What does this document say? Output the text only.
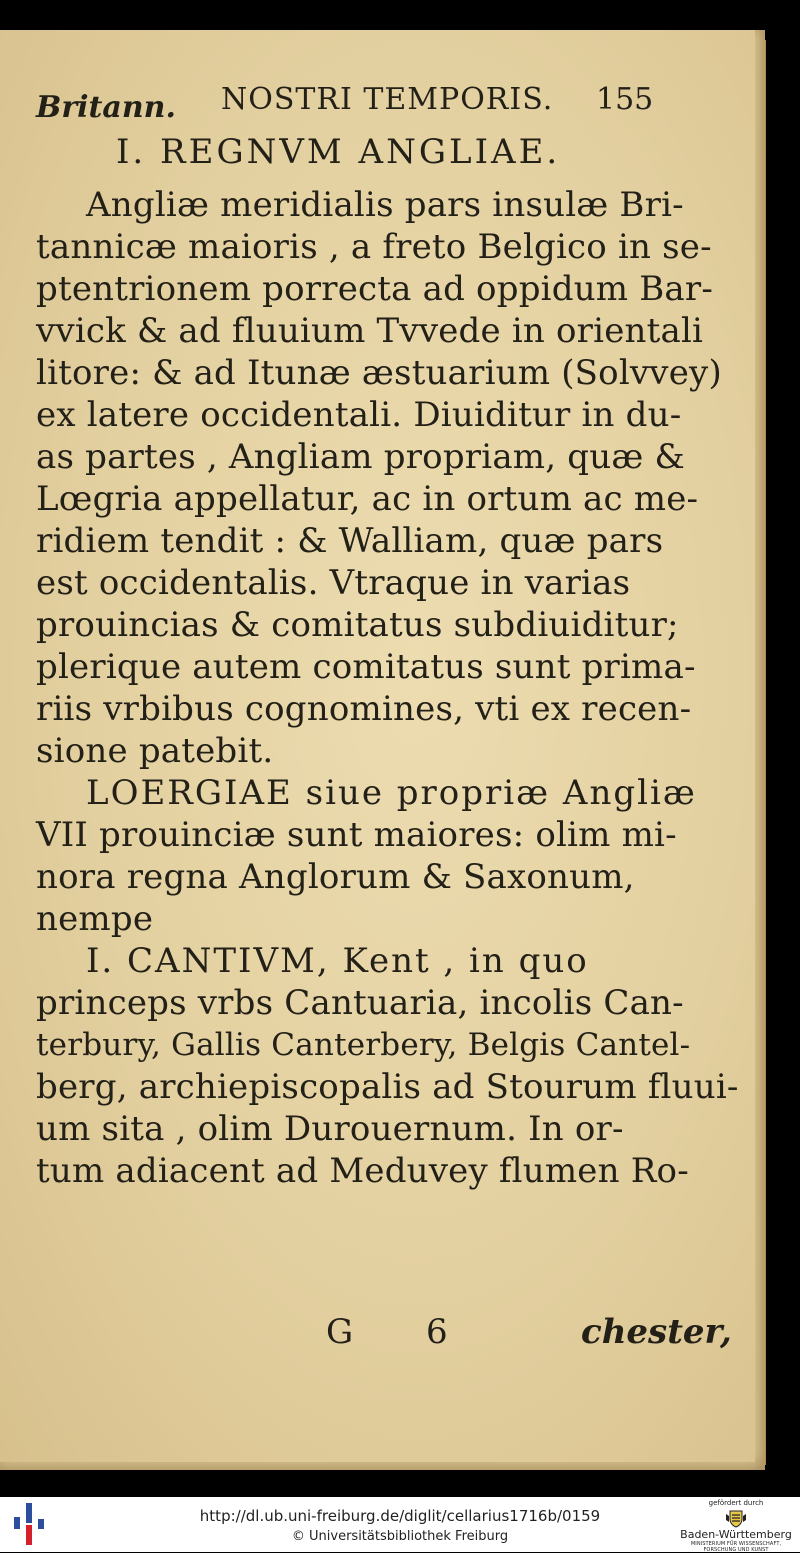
Britann. NOSTRI TEMPORIS. 155
I. REGNVM ANGLIAE.

Angliæ meridialis pars insulæ Bri-

tannicæ maioris , a freto Belgico in se-

ptentrionem porrecta ad oppidum Bar-

vvick & ad fluuium Tvvede in orientali

litore: & ad Itunæ æstuarium (Solvvey)

ex latere occidentali. Diuiditur in du-

as partes , Angliam propriam, quæ &

Lœgria appellatur, ac in ortum ac me-

ridiem tendit : & Walliam, quæ pars

est occidentalis. Vtraque in varias

prouincias & comitatus subdiuiditur;

plerique autem comitatus sunt prima-

riis vrbibus cognomines, vti ex recen-

sione patebit.

LOERGIAE siue propriæ Angliæ

VII prouinciæ sunt maiores: olim mi-

nora regna Anglorum & Saxonum,

nempe

I. CANTIVM, Kent , in quo

princeps vrbs Cantuaria, incolis Can-

terbury, Gallis Canterbery, Belgis Cantel-

berg, archiepiscopalis ad Stourum fluui-

um sita , olim Durouernum. In or-

tum adiacent ad Meduvey flumen Ro-

G 6	chester,
http://dl.ub.uni-freiburg.de/diglit/cellarius1716b/0159
© Universitätsbibliothek Freiburg
gefördert durch
Baden-Württemberg
MINISTERIUM FÜR WISSENSCHAFT, FORSCHUNG UND KUNST
